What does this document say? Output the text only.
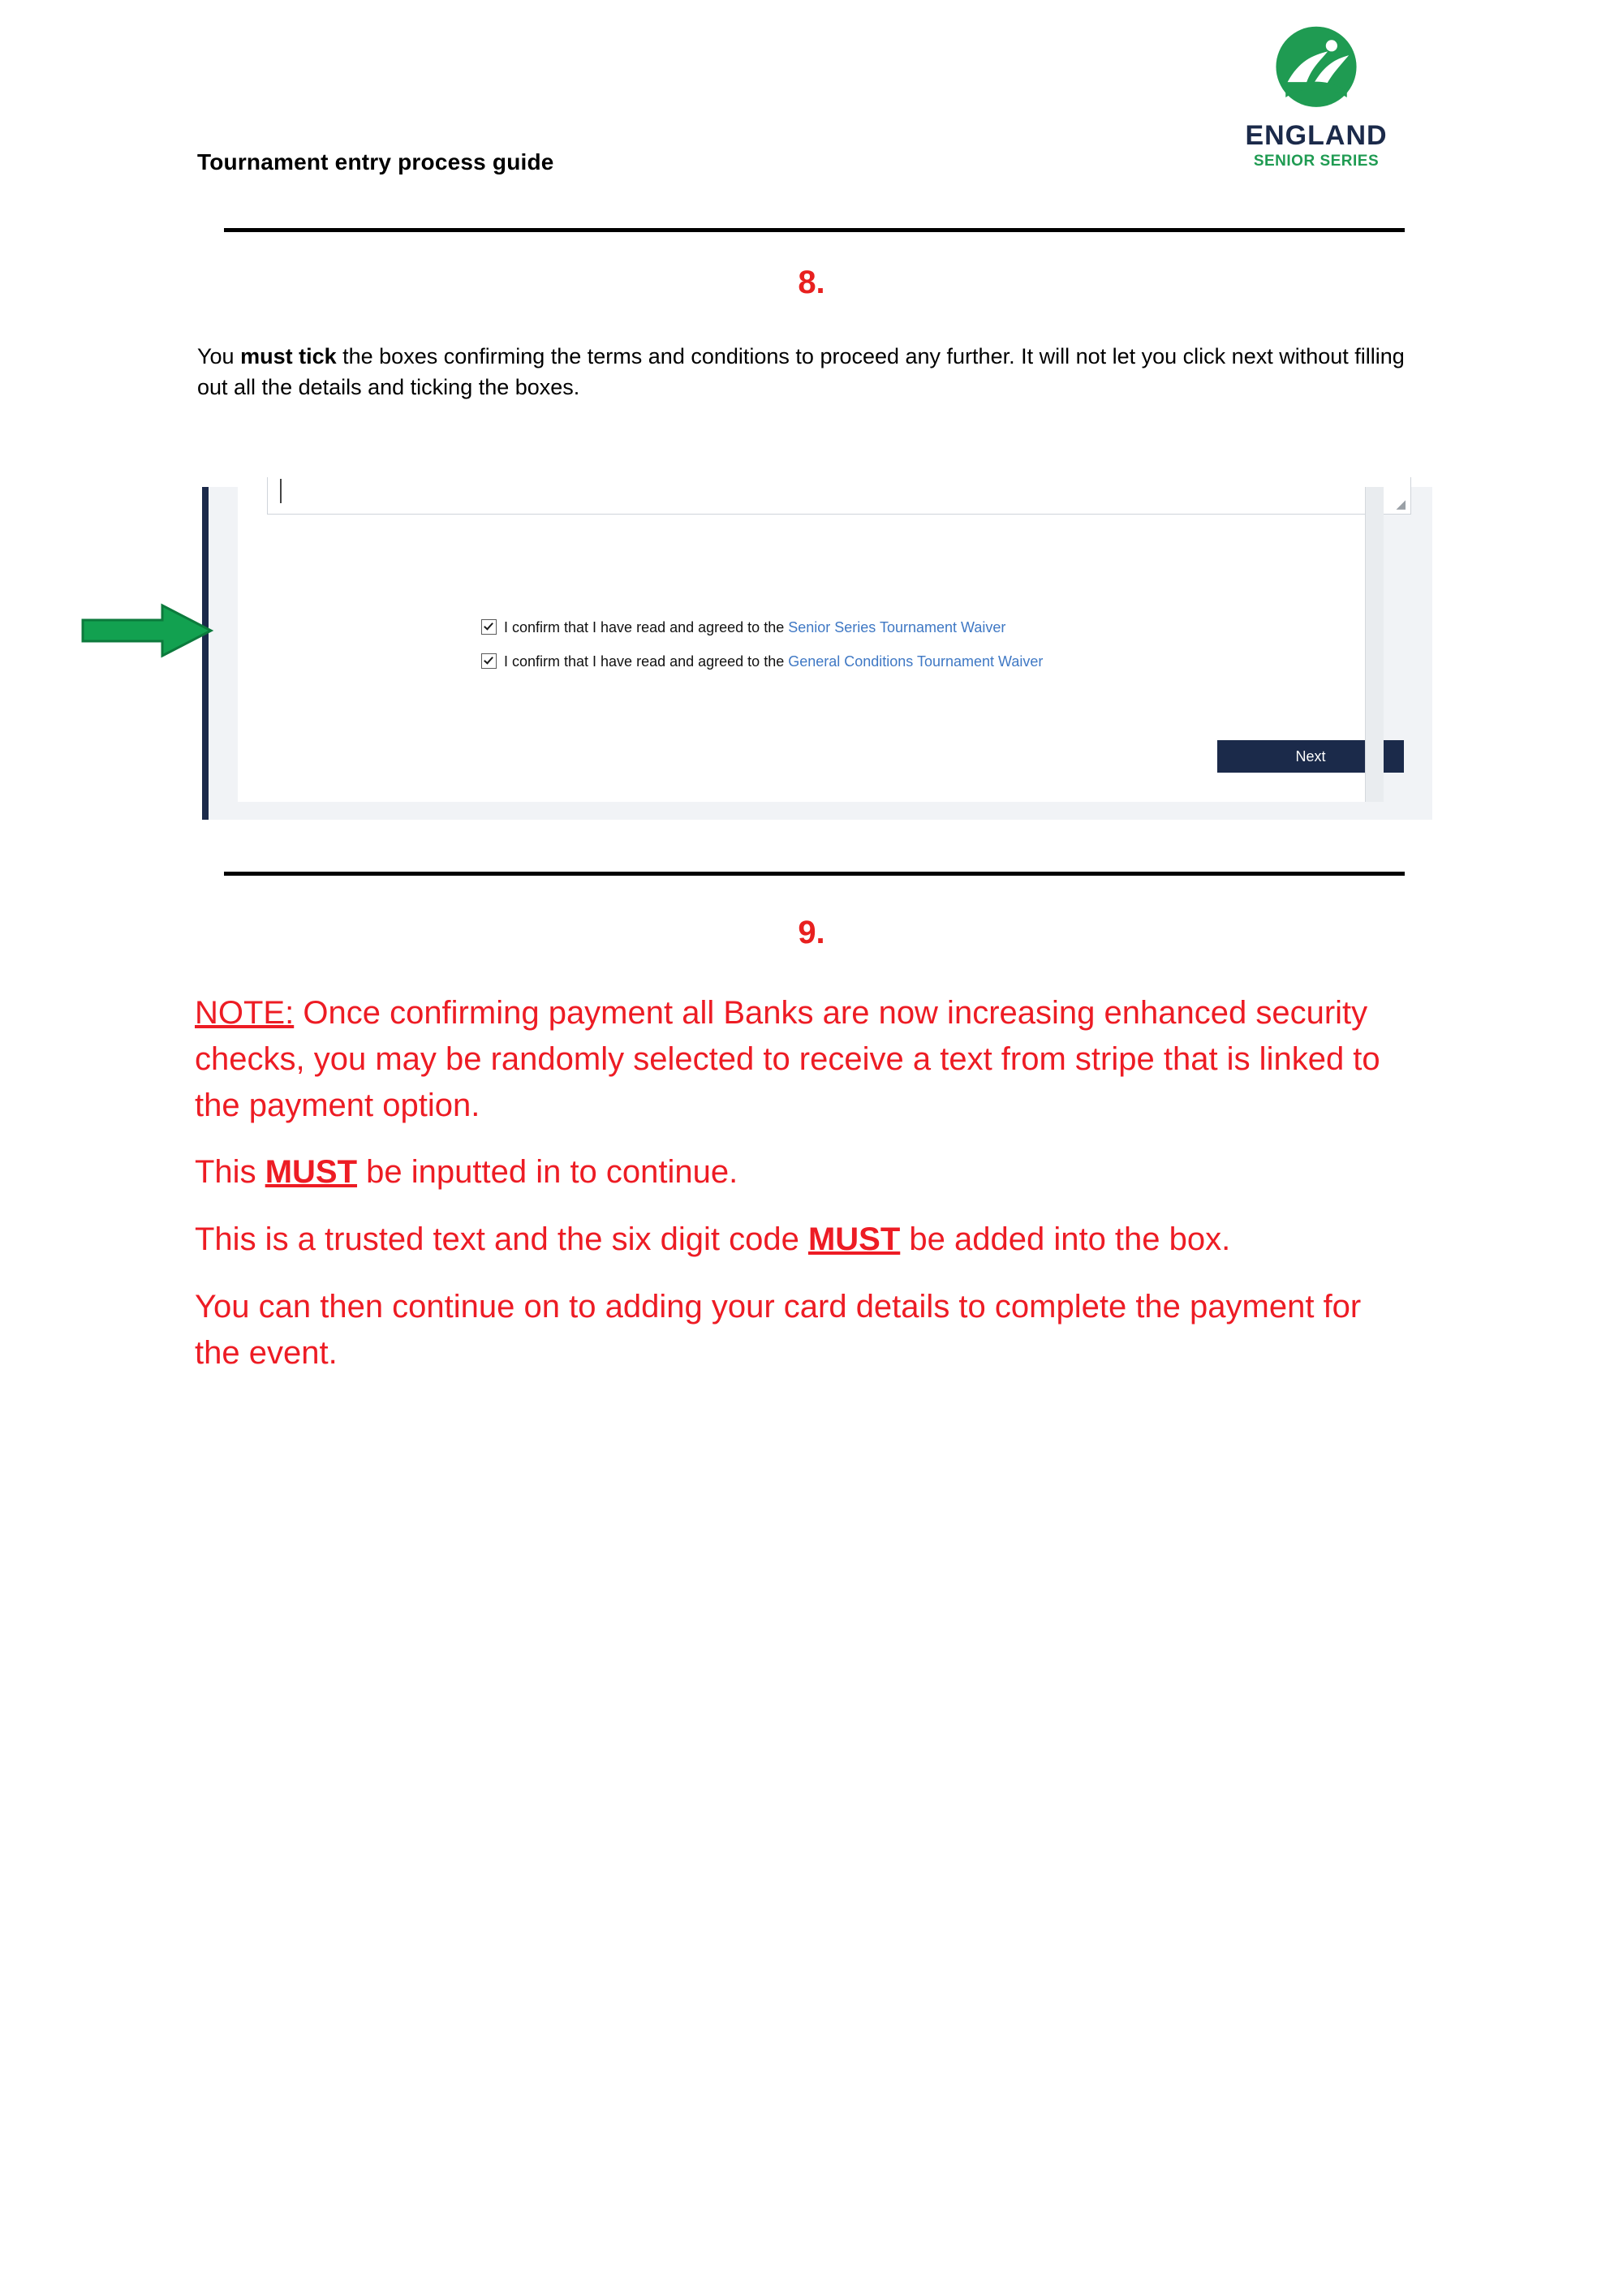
ENGLAND
SENIOR SERIES
Tournament entry process guide
8.
You must tick the boxes confirming the terms and conditions to proceed any further. It will not let you click next without filling out all the details and ticking the boxes.
◢
I confirm that I have read and agreed to the Senior Series Tournament Waiver
I confirm that I have read and agreed to the General Conditions Tournament Waiver
Next
9.

NOTE: Once confirming payment all Banks are now increasing enhanced security checks, you may be randomly selected to receive a text from stripe that is linked to the payment option.

This MUST be inputted in to continue.

This is a trusted text and the six digit code MUST be added into the box.

You can then continue on to adding your card details to complete the payment for the event.
